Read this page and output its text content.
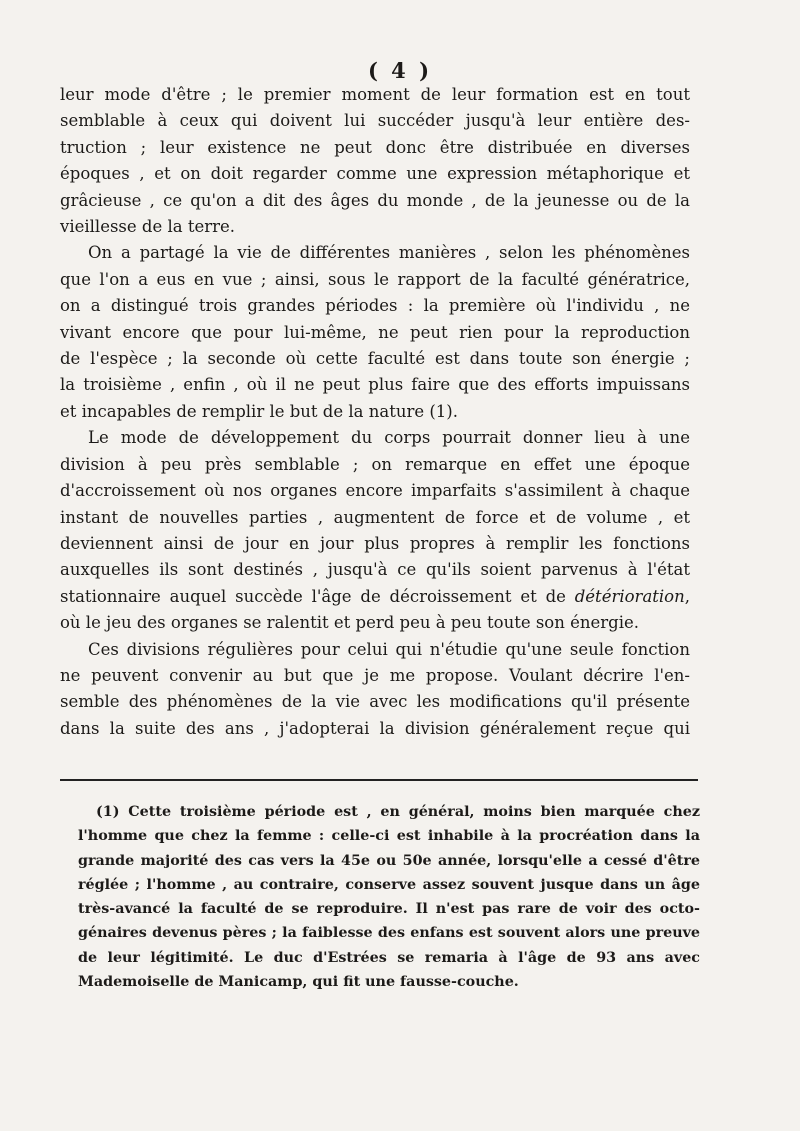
( 4 )

leur mode d'être ; le premier moment de leur formation est en tout
semblable à ceux qui doivent lui succéder jusqu'à leur entière des-
truction ; leur existence ne peut donc être distribuée en diverses
époques , et on doit regarder comme une expression métaphorique et
grâcieuse , ce qu'on a dit des âges du monde , de la jeunesse ou de la
vieillesse de la terre.

On a partagé la vie de différentes manières , selon les phénomènes
que l'on a eus en vue ; ainsi, sous le rapport de la faculté génératrice,
on a distingué trois grandes périodes : la première où l'individu , ne
vivant encore que pour lui-même, ne peut rien pour la reproduction
de l'espèce ; la seconde où cette faculté est dans toute son énergie ;
la troisième , enfin , où il ne peut plus faire que des efforts impuissans
et incapables de remplir le but de la nature (1).

Le mode de développement du corps pourrait donner lieu à une
division à peu près semblable ; on remarque en effet une époque
d'accroissement où nos organes encore imparfaits s'assimilent à chaque
instant de nouvelles parties , augmentent de force et de volume , et
deviennent ainsi de jour en jour plus propres à remplir les fonctions
auxquelles ils sont destinés , jusqu'à ce qu'ils soient parvenus à l'état
stationnaire auquel succède l'âge de décroissement et de détérioration,
où le jeu des organes se ralentit et perd peu à peu toute son énergie.

Ces divisions régulières pour celui qui n'étudie qu'une seule fonction
ne peuvent convenir au but que je me propose. Voulant décrire l'en-
semble des phénomènes de la vie avec les modifications qu'il présente
dans la suite des ans , j'adopterai la division généralement reçue qui

(1) Cette troisième période est , en général, moins bien marquée chez
l'homme que chez la femme : celle-ci est inhabile à la procréation dans la
grande majorité des cas vers la 45e ou 50e année, lorsqu'elle a cessé d'être
réglée ; l'homme , au contraire, conserve assez souvent jusque dans un âge
très-avancé la faculté de se reproduire. Il n'est pas rare de voir des octo-
génaires devenus pères ; la faiblesse des enfans est souvent alors une preuve
de leur légitimité. Le duc d'Estrées se remaria à l'âge de 93 ans avec
Mademoiselle de Manicamp, qui fit une fausse-couche.
